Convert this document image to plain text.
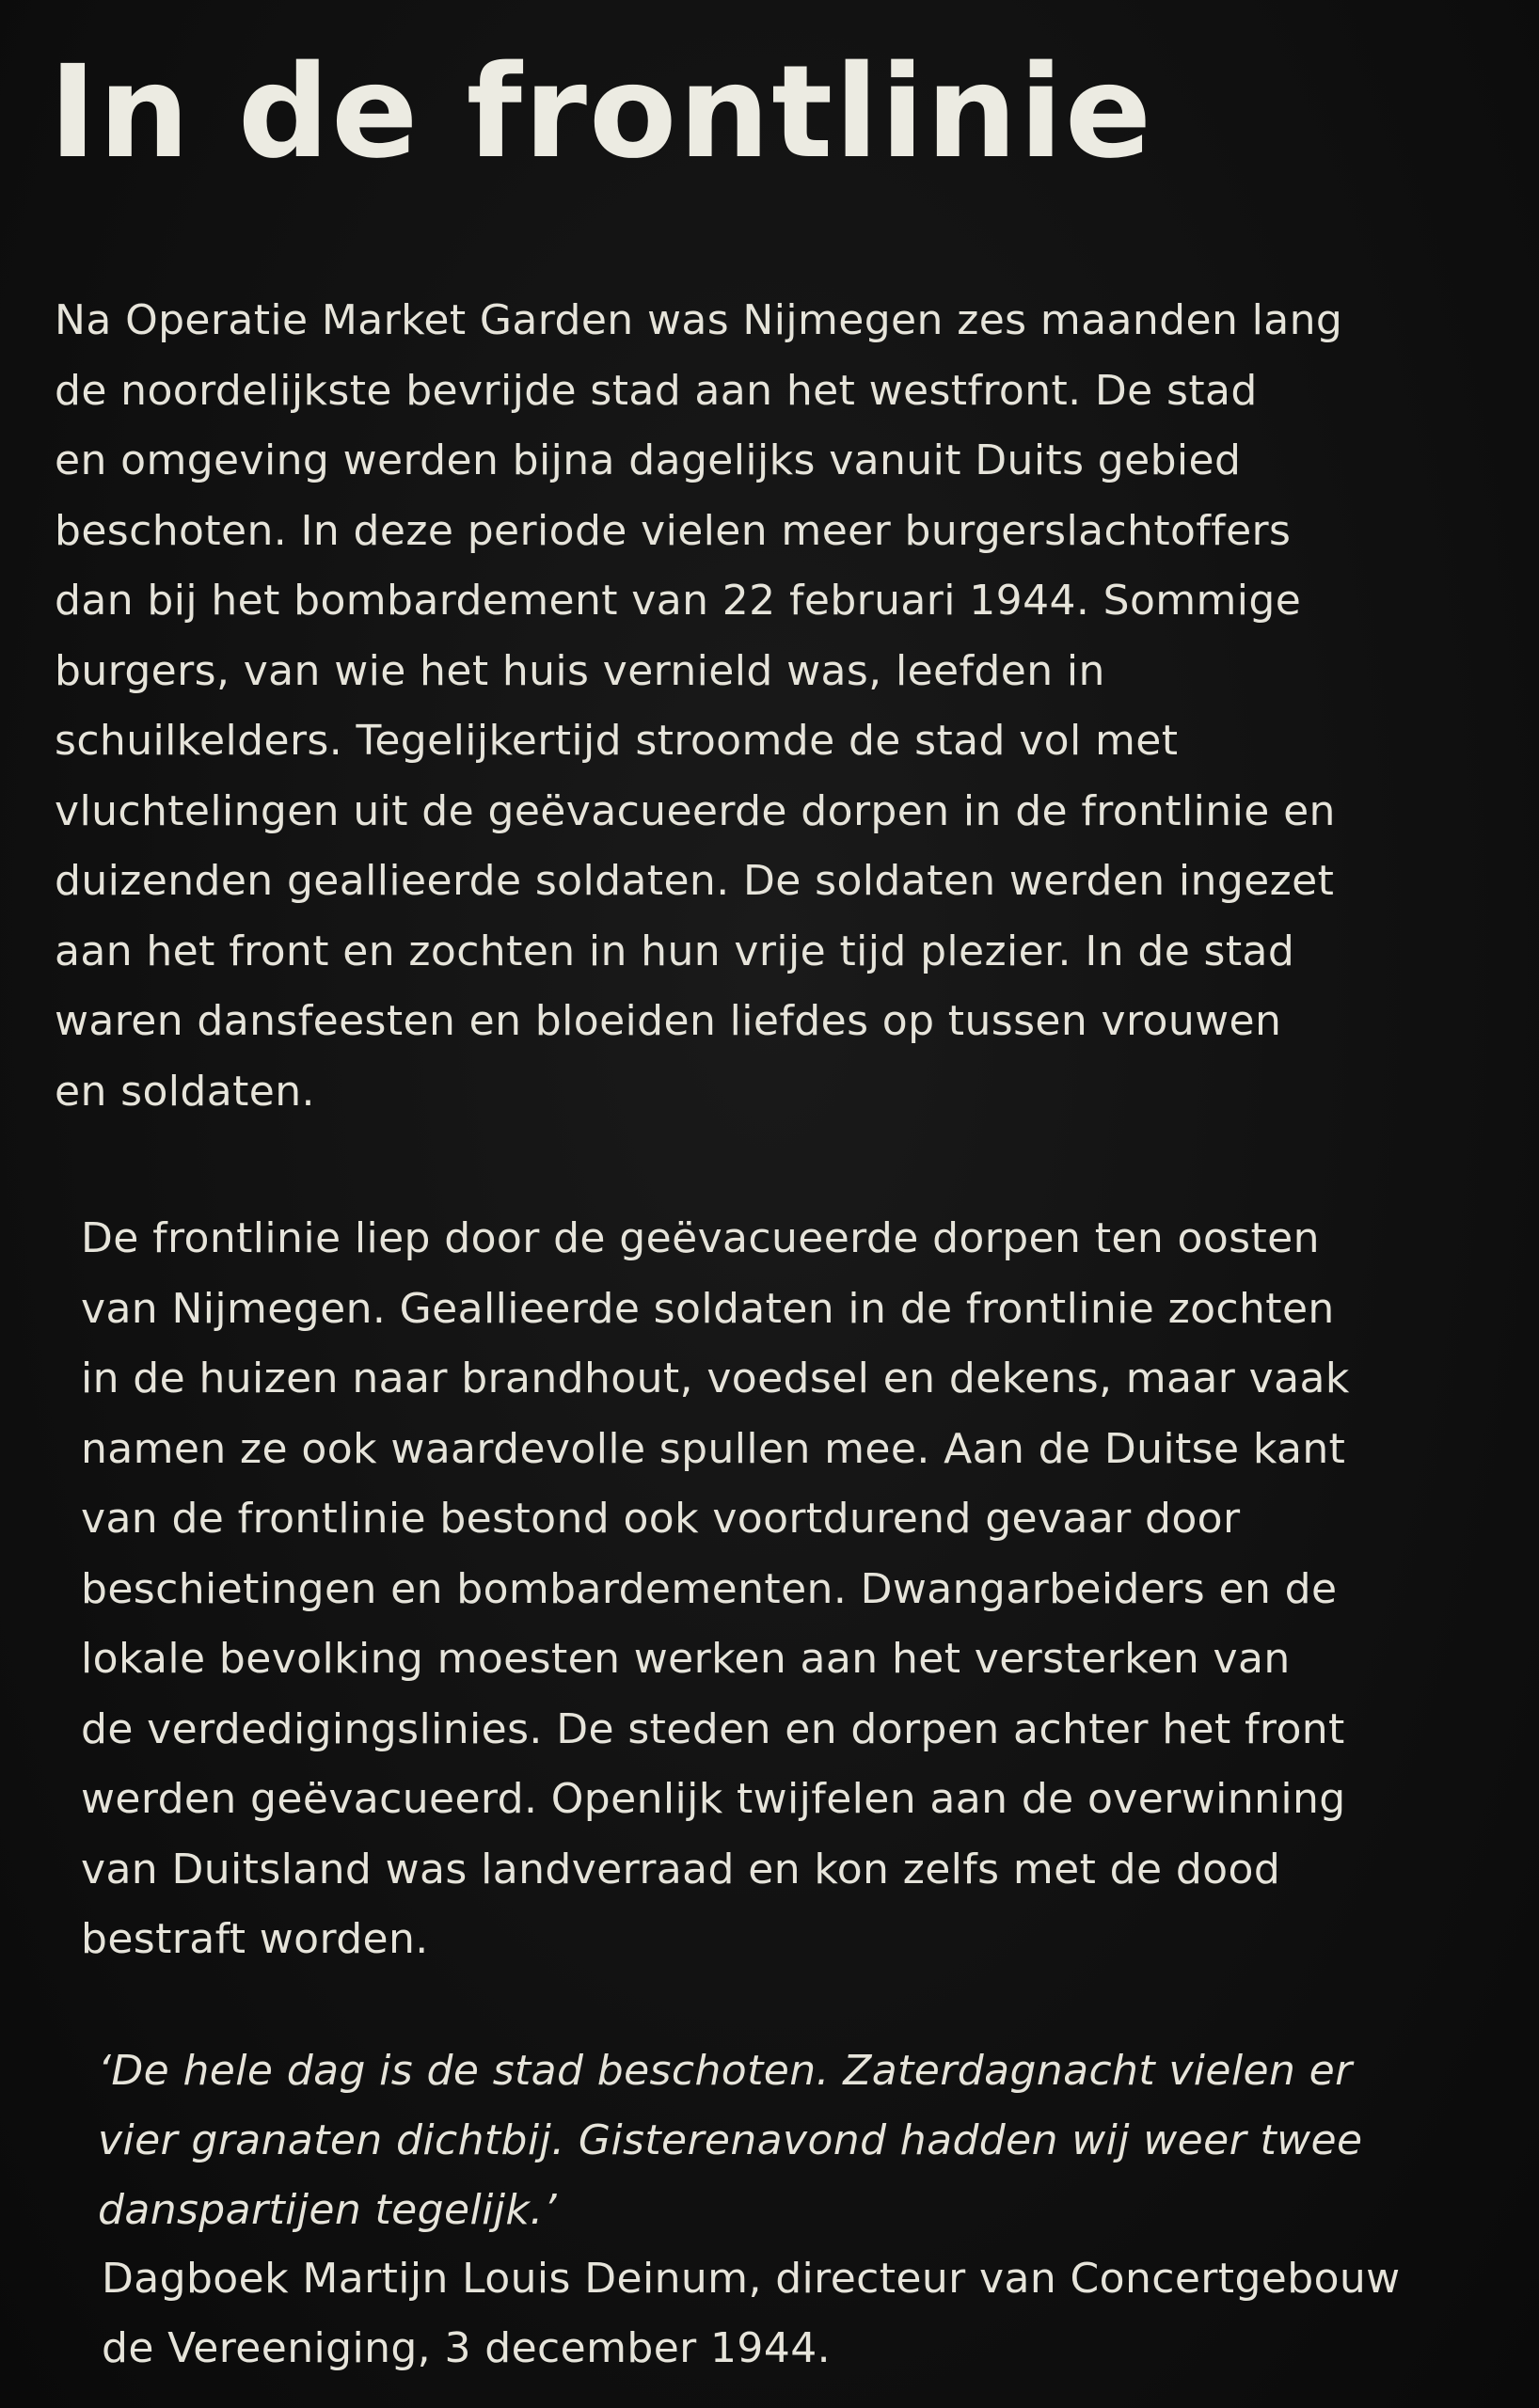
In de frontlinie

Na Operatie Market Garden was Nijmegen zes maanden lang
de noordelijkste bevrijde stad aan het westfront. De stad
en omgeving werden bijna dagelijks vanuit Duits gebied
beschoten. In deze periode vielen meer burgerslachtoffers
dan bij het bombardement van 22 februari 1944. Sommige
burgers, van wie het huis vernield was, leefden in
schuilkelders. Tegelijkertijd stroomde de stad vol met
vluchtelingen uit de geëvacueerde dorpen in de frontlinie en
duizenden geallieerde soldaten. De soldaten werden ingezet
aan het front en zochten in hun vrije tijd plezier. In de stad
waren dansfeesten en bloeiden liefdes op tussen vrouwen
en soldaten.

De frontlinie liep door de geëvacueerde dorpen ten oosten
van Nijmegen. Geallieerde soldaten in de frontlinie zochten
in de huizen naar brandhout, voedsel en dekens, maar vaak
namen ze ook waardevolle spullen mee. Aan de Duitse kant
van de frontlinie bestond ook voortdurend gevaar door
beschietingen en bombardementen. Dwangarbeiders en de
lokale bevolking moesten werken aan het versterken van
de verdedigingslinies. De steden en dorpen achter het front
werden geëvacueerd. Openlijk twijfelen aan de overwinning
van Duitsland was landverraad en kon zelfs met de dood
bestraft worden.

‘De hele dag is de stad beschoten. Zaterdagnacht vielen er
vier granaten dichtbij. Gisterenavond hadden wij weer twee
danspartijen tegelijk.’

Dagboek Martijn Louis Deinum, directeur van Concertgebouw
de Vereeniging, 3 december 1944.
